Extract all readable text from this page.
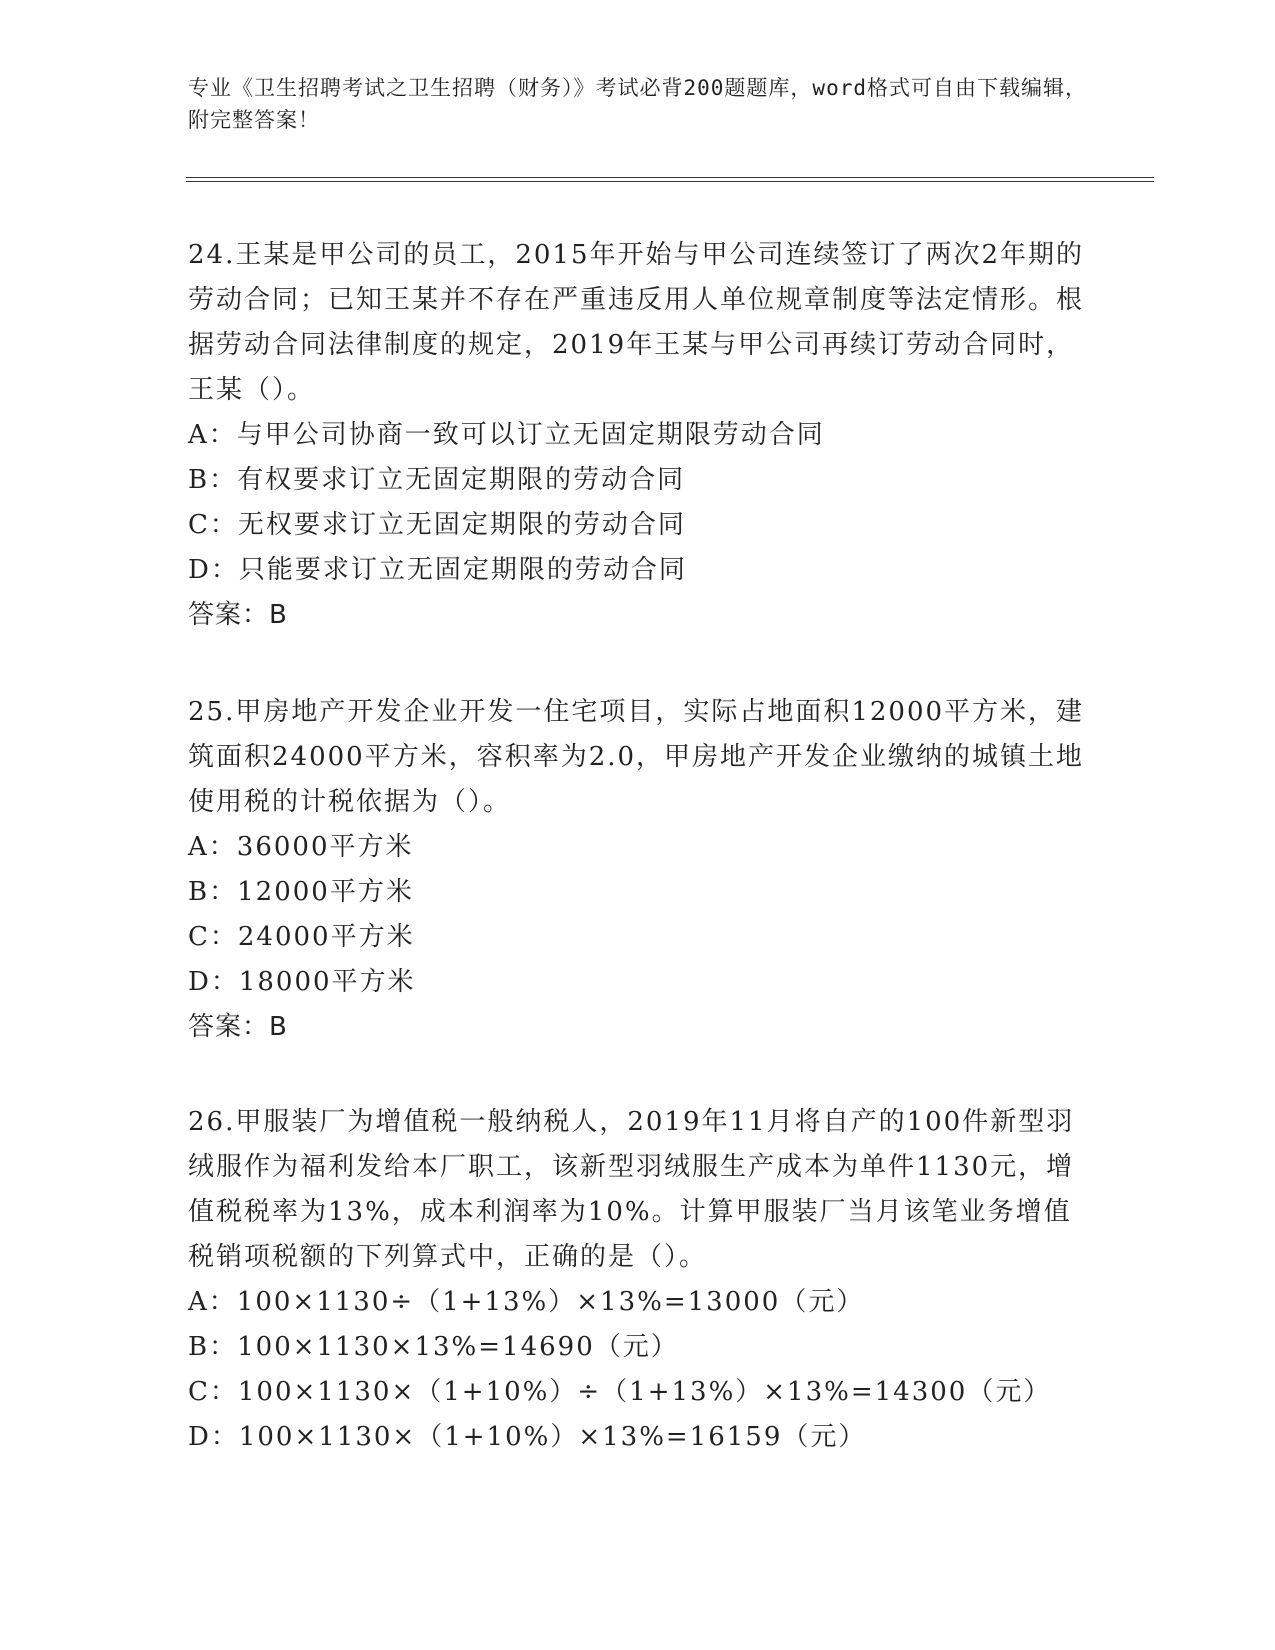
专业《卫生招聘考试之卫生招聘（财务）》考试必背200题题库，word格式可自由下载编辑，附完整答案！

24.王某是甲公司的员工，2015年开始与甲公司连续签订了两次2年期的劳动合同；已知王某并不存在严重违反用人单位规章制度等法定情形。根据劳动合同法律制度的规定，2019年王某与甲公司再续订劳动合同时，王某（）。

A：与甲公司协商一致可以订立无固定期限劳动合同

B：有权要求订立无固定期限的劳动合同

C：无权要求订立无固定期限的劳动合同

D：只能要求订立无固定期限的劳动合同

答案：B

25.甲房地产开发企业开发一住宅项目，实际占地面积12000平方米，建筑面积24000平方米，容积率为2.0，甲房地产开发企业缴纳的城镇土地使用税的计税依据为（）。

A：36000平方米

B：12000平方米

C：24000平方米

D：18000平方米

答案：B

26.甲服装厂为增值税一般纳税人，2019年11月将自产的100件新型羽绒服作为福利发给本厂职工，该新型羽绒服生产成本为单件1130元，增值税税率为13%，成本利润率为10%。计算甲服装厂当月该笔业务增值税销项税额的下列算式中，正确的是（）。

A：100×1130÷（1+13%）×13%=13000（元）

B：100×1130×13%=14690（元）

C：100×1130×（1+10%）÷（1+13%）×13%=14300（元）

D：100×1130×（1+10%）×13%=16159（元）
